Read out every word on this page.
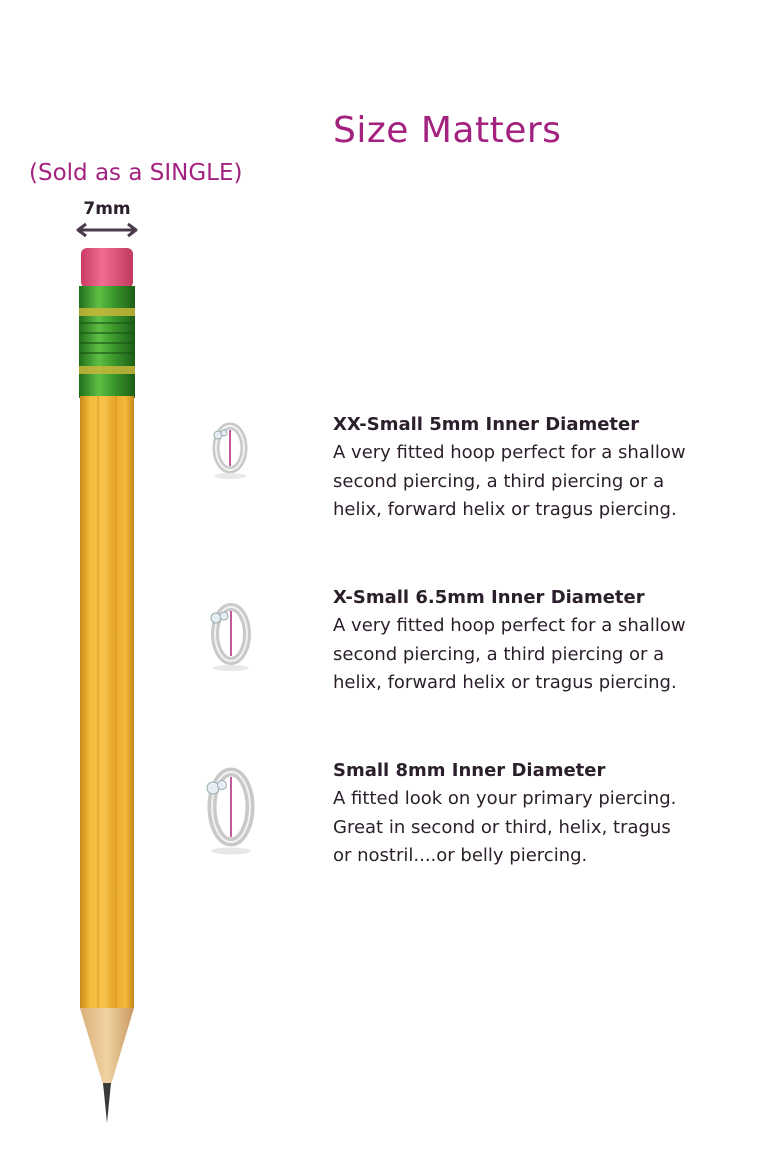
Size Matters
(Sold as a SINGLE)
7mm
XX-Small 5mm Inner Diameter
A very fitted hoop perfect for a shallow
second piercing, a third piercing or a
helix, forward helix or tragus piercing.
X-Small 6.5mm Inner Diameter
A very fitted hoop perfect for a shallow
second piercing, a third piercing or a
helix, forward helix or tragus piercing.
Small 8mm Inner Diameter
A fitted look on your primary piercing.
Great in second or third, helix, tragus
or nostril....or belly piercing.
